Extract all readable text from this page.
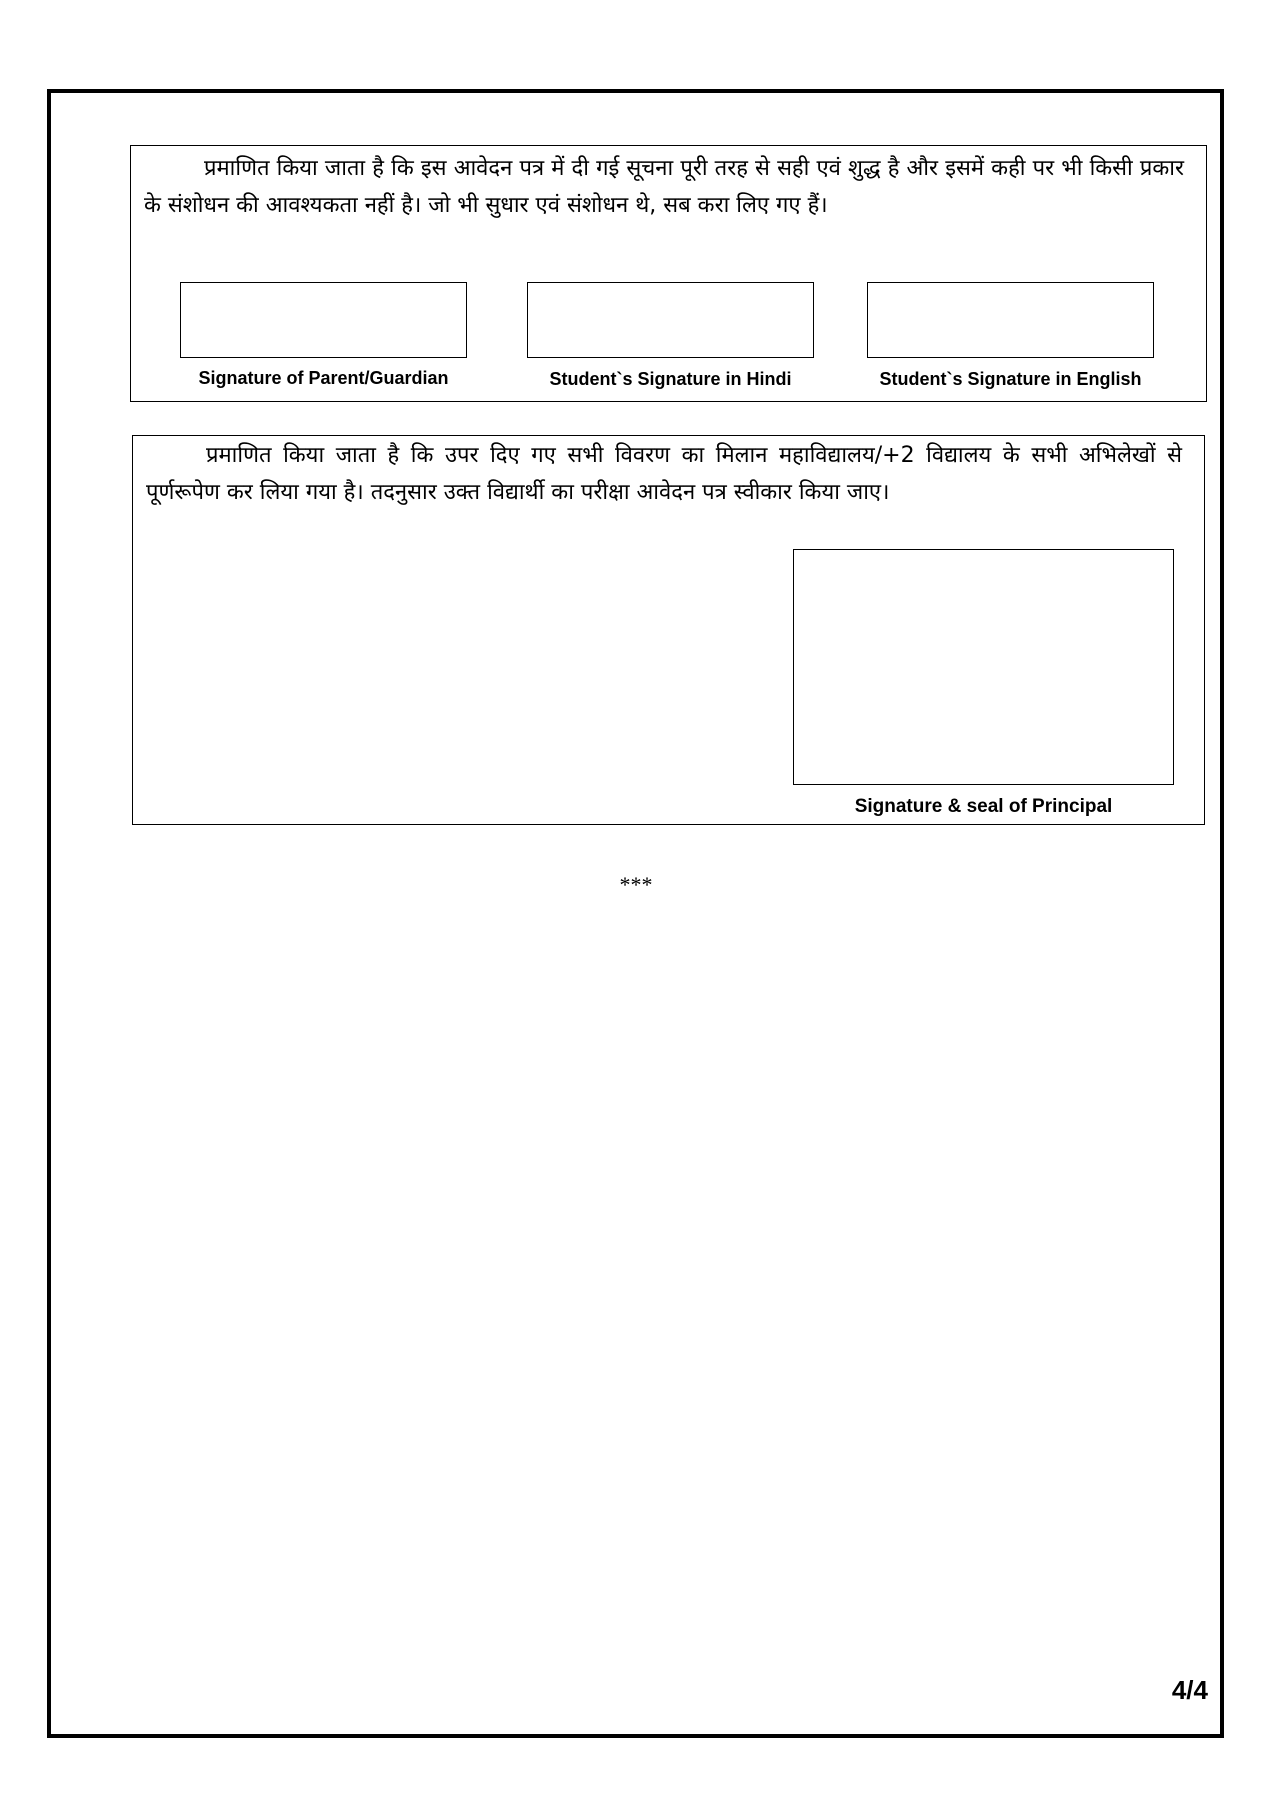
प्रमाणित किया जाता है कि इस आवेदन पत्र में दी गई सूचना पूरी तरह से सही एवं शुद्ध है और इसमें कही पर भी किसी प्रकार के संशोधन की आवश्यकता नहीं है। जो भी सुधार एवं संशोधन थे, सब करा लिए गए हैं।

Signature of Parent/Guardian	Student`s Signature in Hindi	Student`s Signature in English

प्रमाणित किया जाता है कि उपर दिए गए सभी विवरण का मिलान महाविद्यालय/+2 विद्यालय के सभी अभिलेखों से पूर्णरूपेण कर लिया गया है। तदनुसार उक्त विद्यार्थी का परीक्षा आवेदन पत्र स्वीकार किया जाए।

Signature & seal of Principal
***
4/4
